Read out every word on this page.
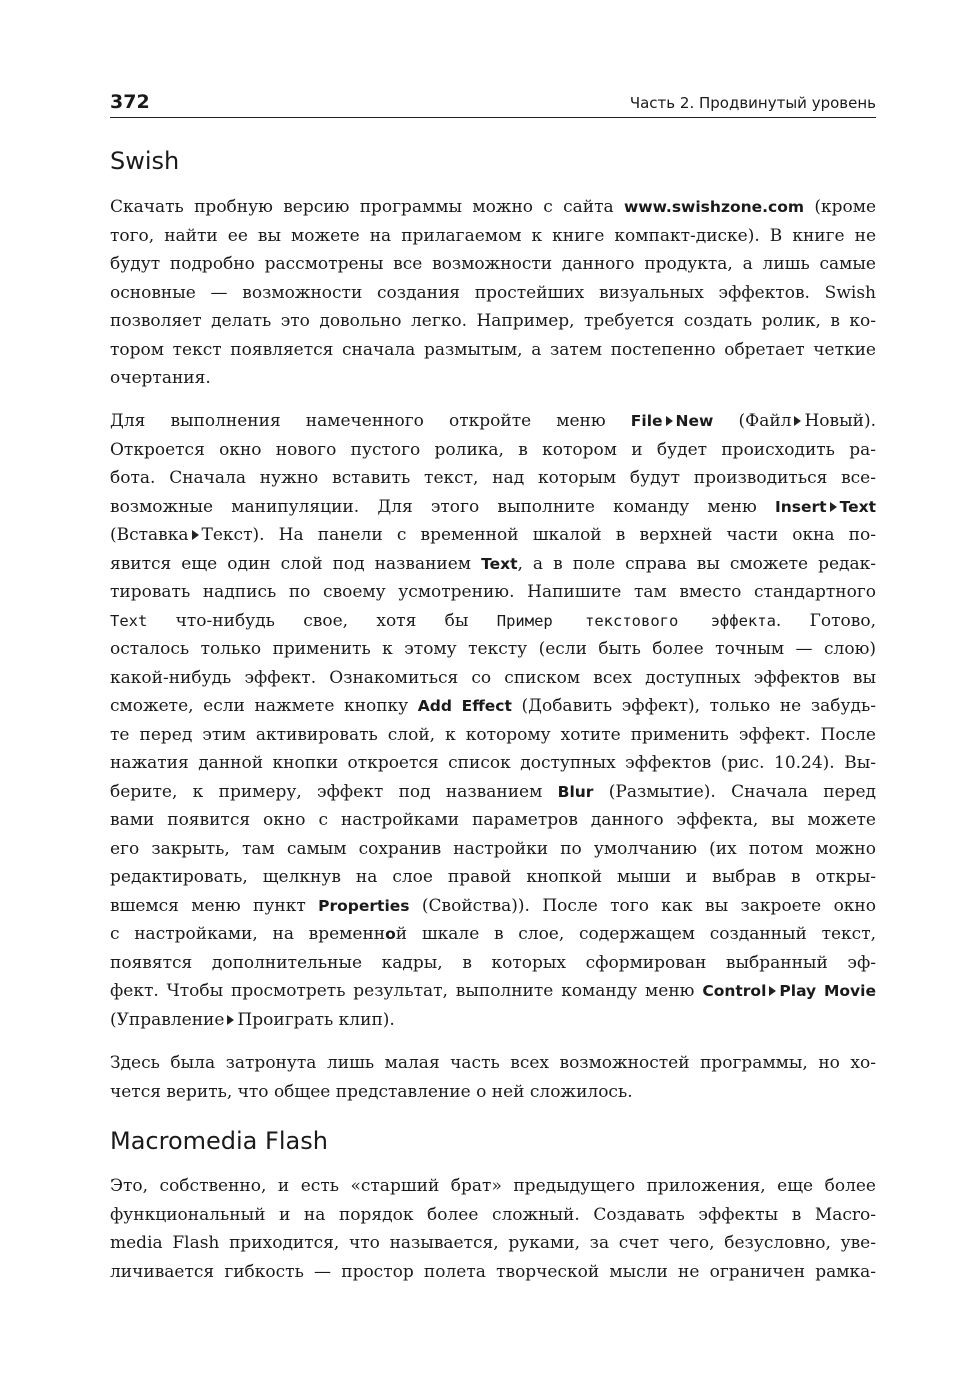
372	Часть 2. Продвинутый уровень
Swish
Скачать пробную версию программы можно с сайта www.swishzone.com (кроме
того, найти ее вы можете на прилагаемом к книге компакт-диске). В книге не
будут подробно рассмотрены все возможности данного продукта, а лишь самые
основные — возможности создания простейших визуальных эффектов. Swish
позволяет делать это довольно легко. Например, требуется создать ролик, в ко-
тором текст появляется сначала размытым, а затем постепенно обретает четкие
очертания.
Для выполнения намеченного откройте меню File New (Файл Новый).
Откроется окно нового пустого ролика, в котором и будет происходить ра-
бота. Сначала нужно вставить текст, над которым будут производиться все-
возможные манипуляции. Для этого выполните команду меню Insert Text
(Вставка Текст). На панели с временной шкалой в верхней части окна по-
явится еще один слой под названием Text, а в поле справа вы сможете редак-
тировать надпись по своему усмотрению. Напишите там вместо стандартного
Text что-нибудь свое, хотя бы Пример текстового эффекта. Готово,
осталось только применить к этому тексту (если быть более точным — слою)
какой-нибудь эффект. Ознакомиться со списком всех доступных эффектов вы
сможете, если нажмете кнопку Add Effect (Добавить эффект), только не забудь-
те перед этим активировать слой, к которому хотите применить эффект. После
нажатия данной кнопки откроется список доступных эффектов (рис. 10.24). Вы-
берите, к примеру, эффект под названием Blur (Размытие). Сначала перед
вами появится окно с настройками параметров данного эффекта, вы можете
его закрыть, там самым сохранив настройки по умолчанию (их потом можно
редактировать, щелкнув на слое правой кнопкой мыши и выбрав в откры-
вшемся меню пункт Properties (Свойства)). После того как вы закроете окно
с настройками, на временной шкале в слое, содержащем созданный текст,
появятся дополнительные кадры, в которых сформирован выбранный эф-
фект. Чтобы просмотреть результат, выполните команду меню Control Play Movie
(Управление Проиграть клип).
Здесь была затронута лишь малая часть всех возможностей программы, но хо-
чется верить, что общее представление о ней сложилось.
Macromedia Flash
Это, собственно, и есть «старший брат» предыдущего приложения, еще более
функциональный и на порядок более сложный. Создавать эффекты в Macro-
media Flash приходится, что называется, руками, за счет чего, безусловно, уве-
личивается гибкость — простор полета творческой мысли не ограничен рамка-
